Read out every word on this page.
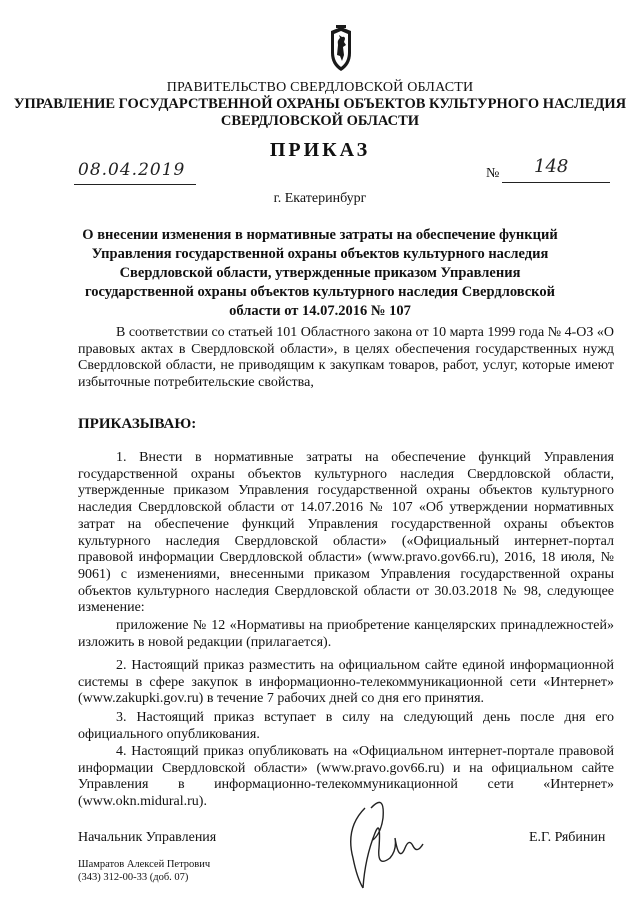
ПРАВИТЕЛЬСТВО СВЕРДЛОВСКОЙ ОБЛАСТИ
УПРАВЛЕНИЕ ГОСУДАРСТВЕННОЙ ОХРАНЫ ОБЪЕКТОВ КУЛЬТУРНОГО НАСЛЕДИЯ
СВЕРДЛОВСКОЙ ОБЛАСТИ
ПРИКАЗ
08.04.2019	№ 148
г. Екатеринбург
О внесении изменения в нормативные затраты на обеспечение функций Управления государственной охраны объектов культурного наследия Свердловской области, утвержденные приказом Управления государственной охраны объектов культурного наследия Свердловской области от 14.07.2016 № 107
В соответствии со статьей 101 Областного закона от 10 марта 1999 года № 4-ОЗ «О правовых актах в Свердловской области», в целях обеспечения государственных нужд Свердловской области, не приводящим к закупкам товаров, работ, услуг, которые имеют избыточные потребительские свойства,
ПРИКАЗЫВАЮ:
1. Внести в нормативные затраты на обеспечение функций Управления государственной охраны объектов культурного наследия Свердловской области, утвержденные приказом Управления государственной охраны объектов культурного наследия Свердловской области от 14.07.2016 № 107 «Об утверждении нормативных затрат на обеспечение функций Управления государственной охраны объектов культурного наследия Свердловской области» («Официальный интернет-портал правовой информации Свердловской области» (www.pravo.gov66.ru), 2016, 18 июля, № 9061) с изменениями, внесенными приказом Управления государственной охраны объектов культурного наследия Свердловской области от 30.03.2018 № 98, следующее изменение:
приложение № 12 «Нормативы на приобретение канцелярских принадлежностей» изложить в новой редакции (прилагается).
2. Настоящий приказ разместить на официальном сайте единой информационной системы в сфере закупок в информационно-телекоммуникационной сети «Интернет» (www.zakupki.gov.ru) в течение 7 рабочих дней со дня его принятия.
3. Настоящий приказ вступает в силу на следующий день после дня его официального опубликования.
4. Настоящий приказ опубликовать на «Официальном интернет-портале правовой информации Свердловской области» (www.pravo.gov66.ru) и на официальном сайте Управления в информационно-телекоммуникационной сети «Интернет» (www.okn.midural.ru).
Начальник Управления	Е.Г. Рябинин
Шамратов Алексей Петрович
(343) 312-00-33 (доб. 07)
